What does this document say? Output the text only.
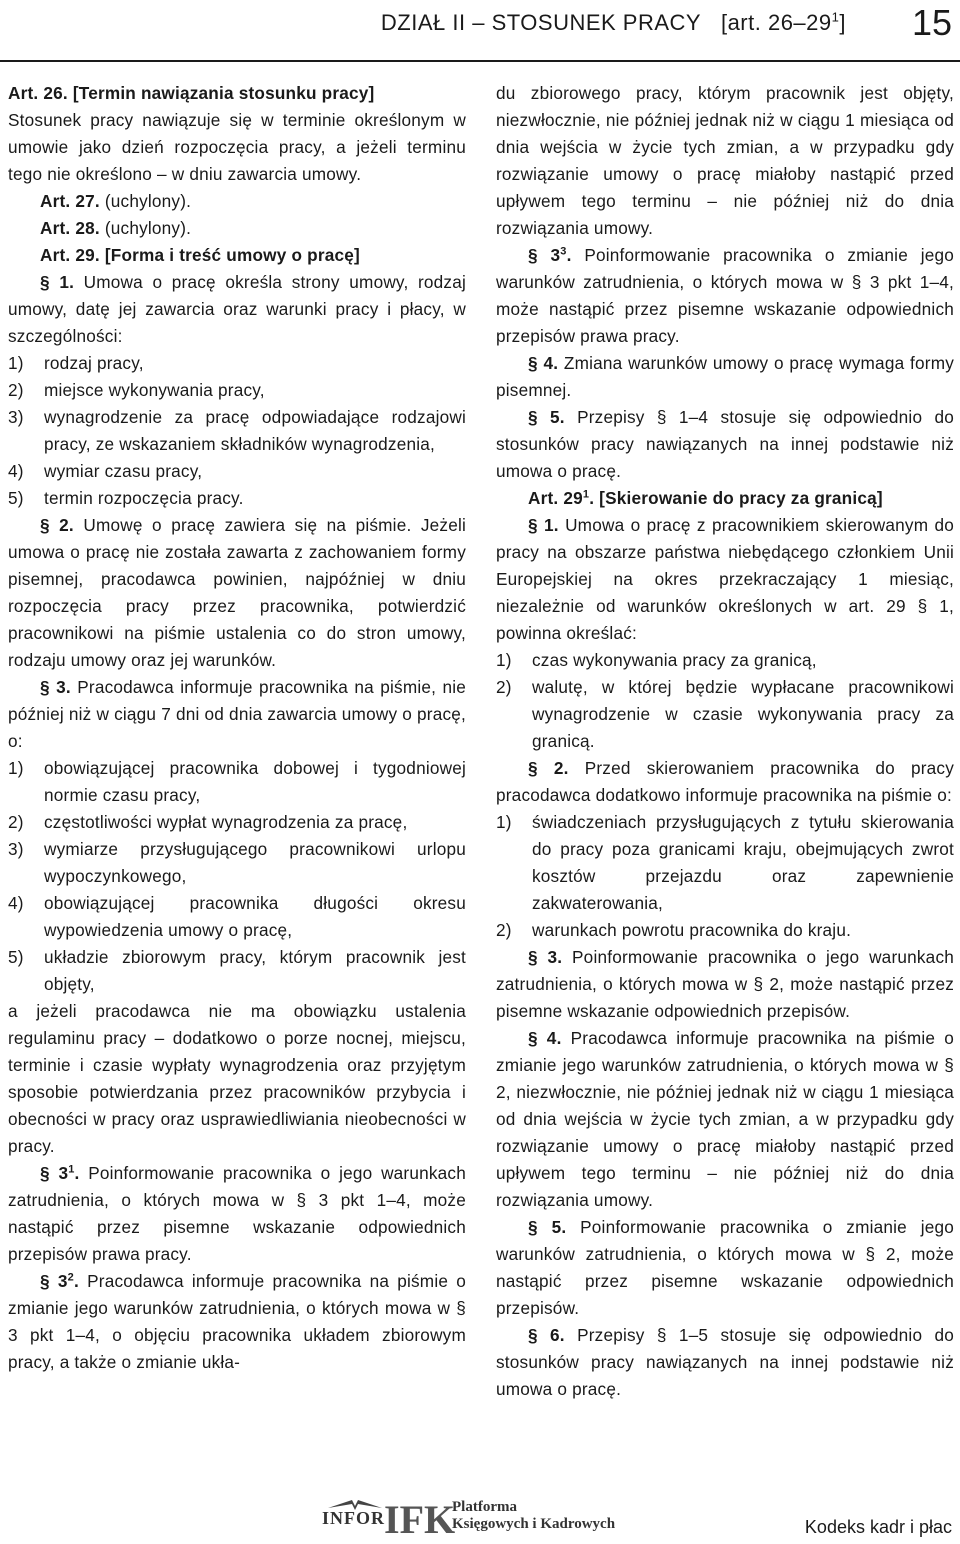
DZIAŁ II – STOSUNEK PRACY [art. $26-29^1$] 15

Art. 26. [Termin nawiązania stosunku pracy]

Stosunek pracy nawiązuje się w terminie określonym w umowie jako dzień rozpoczęcia pracy, a jeżeli terminu tego nie określono – w dniu zawarcia umowy.

Art. 27. (uchylony).

Art. 28. (uchylony).

Art. 29. [Forma i treść umowy o pracę]

§ 1. Umowa o pracę określa strony umowy, rodzaj umowy, datę jej zawarcia oraz warunki pracy i płacy, w szczególności:

1)	rodzaj pracy,
2)	miejsce wykonywania pracy,
3)	wynagrodzenie za pracę odpowiadające rodzajowi pracy, ze wskazaniem składników wynagrodzenia,
4)	wymiar czasu pracy,
5)	termin rozpoczęcia pracy.

§ 2. Umowę o pracę zawiera się na piśmie. Jeżeli umowa o pracę nie została zawarta z zachowaniem formy pisemnej, pracodawca powinien, najpóźniej w dniu rozpoczęcia pracy przez pracownika, potwierdzić pracownikowi na piśmie ustalenia co do stron umowy, rodzaju umowy oraz jej warunków.

§ 3. Pracodawca informuje pracownika na piśmie, nie później niż w ciągu 7 dni od dnia zawarcia umowy o pracę, o:

1)	obowiązującej pracownika dobowej i tygodniowej normie czasu pracy,
2)	częstotliwości wypłat wynagrodzenia za pracę,
3)	wymiarze przysługującego pracownikowi urlopu wypoczynkowego,
4)	obowiązującej pracownika długości okresu wypowiedzenia umowy o pracę,
5)	układzie zbiorowym pracy, którym pracownik jest objęty,

a jeżeli pracodawca nie ma obowiązku ustalenia regulaminu pracy – dodatkowo o porze nocnej, miejscu, terminie i czasie wypłaty wynagrodzenia oraz przyjętym sposobie potwierdzania przez pracowników przybycia i obecności w pracy oraz usprawiedliwiania nieobecności w pracy.

§ $3^1$. Poinformowanie pracownika o jego warunkach zatrudnienia, o których mowa w § 3 pkt 1–4, może nastąpić przez pisemne wskazanie odpowiednich przepisów prawa pracy.

§ $3^2$. Pracodawca informuje pracownika na piśmie o zmianie jego warunków zatrudnienia, o których mowa w § 3 pkt 1–4, o objęciu pracownika układem zbiorowym pracy, a także o zmianie ukła-

du zbiorowego pracy, którym pracownik jest objęty, niezwłocznie, nie później jednak niż w ciągu 1 miesiąca od dnia wejścia w życie tych zmian, a w przypadku gdy rozwiązanie umowy o pracę miałoby nastąpić przed upływem tego terminu – nie później niż do dnia rozwiązania umowy.

§ $3^3$. Poinformowanie pracownika o zmianie jego warunków zatrudnienia, o których mowa w § 3 pkt 1–4, może nastąpić przez pisemne wskazanie odpowiednich przepisów prawa pracy.

§ 4. Zmiana warunków umowy o pracę wymaga formy pisemnej.

§ 5. Przepisy § 1–4 stosuje się odpowiednio do stosunków pracy nawiązanych na innej podstawie niż umowa o pracę.

Art. $29^1$. [Skierowanie do pracy za granicą]

§ 1. Umowa o pracę z pracownikiem skierowanym do pracy na obszarze państwa niebędącego członkiem Unii Europejskiej na okres przekraczający 1 miesiąc, niezależnie od warunków określonych w art. 29 § 1, powinna określać:

1)	czas wykonywania pracy za granicą,
2)	walutę, w której będzie wypłacane pracownikowi wynagrodzenie w czasie wykonywania pracy za granicą.

§ 2. Przed skierowaniem pracownika do pracy pracodawca dodatkowo informuje pracownika na piśmie o:

1)	świadczeniach przysługujących z tytułu skierowania do pracy poza granicami kraju, obejmujących zwrot kosztów przejazdu oraz zapewnienie zakwaterowania,
2)	warunkach powrotu pracownika do kraju.

§ 3. Poinformowanie pracownika o jego warunkach zatrudnienia, o których mowa w § 2, może nastąpić przez pisemne wskazanie odpowiednich przepisów.

§ 4. Pracodawca informuje pracownika na piśmie o zmianie jego warunków zatrudnienia, o których mowa w § 2, niezwłocznie, nie później jednak niż w ciągu 1 miesiąca od dnia wejścia w życie tych zmian, a w przypadku gdy rozwiązanie umowy o pracę miałoby nastąpić przed upływem tego terminu – nie później niż do dnia rozwiązania umowy.

§ 5. Poinformowanie pracownika o zmianie jego warunków zatrudnienia, o których mowa w § 2, może nastąpić przez pisemne wskazanie odpowiednich przepisów.

§ 6. Przepisy § 1–5 stosuje się odpowiednio do stosunków pracy nawiązanych na innej podstawie niż umowa o pracę.

INFOR IFK
Platforma
Księgowych i Kadrowych	Kodeks kadr i płac
